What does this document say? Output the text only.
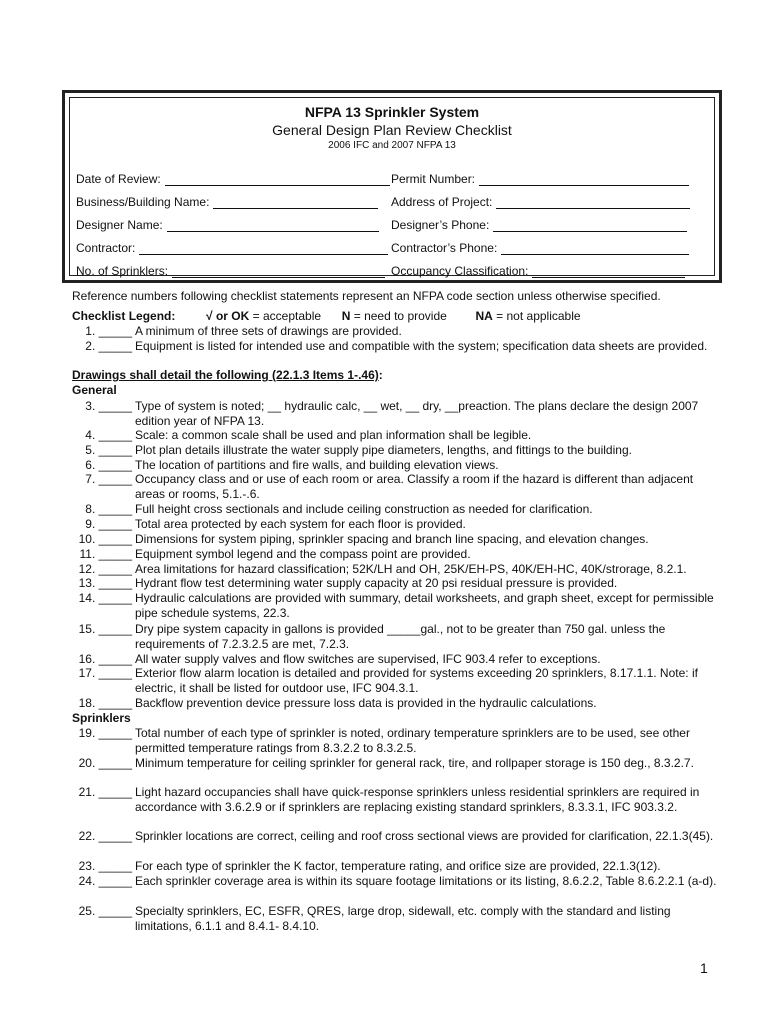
NFPA 13 Sprinkler System
General Design Plan Review Checklist
2006 IFC and 2007 NFPA 13
Date of Review:	Permit Number:
Business/Building Name:	Address of Project:
Designer Name:	Designer’s Phone:
Contractor:	Contractor’s Phone:
No. of Sprinklers:	Occupancy Classification:
Reference numbers following checklist statements represent an NFPA code section unless otherwise specified.
Checklist Legend:	√ or OK = acceptable N = need to provide NA = not applicable
1. _____ A minimum of three sets of drawings are provided.
2. _____ Equipment is listed for intended use and compatible with the system; specification data sheets are provided.
Drawings shall detail the following (22.1.3 Items 1-.46):
General
3. _____ Type of system is noted; __ hydraulic calc, __ wet, __ dry, __preaction. The plans declare the design 2007 edition year of NFPA 13.
4. _____ Scale: a common scale shall be used and plan information shall be legible.
5. _____ Plot plan details illustrate the water supply pipe diameters, lengths, and fittings to the building.
6. _____ The location of partitions and fire walls, and building elevation views.
7. _____ Occupancy class and or use of each room or area. Classify a room if the hazard is different than adjacent areas or rooms, 5.1.-.6.
8. _____ Full height cross sectionals and include ceiling construction as needed for clarification.
9. _____ Total area protected by each system for each floor is provided.
10. _____ Dimensions for system piping, sprinkler spacing and branch line spacing, and elevation changes.
11. _____ Equipment symbol legend and the compass point are provided.
12. _____ Area limitations for hazard classification; 52K/LH and OH, 25K/EH-PS, 40K/EH-HC, 40K/strorage, 8.2.1.
13. _____ Hydrant flow test determining water supply capacity at 20 psi residual pressure is provided.
14. _____ Hydraulic calculations are provided with summary, detail worksheets, and graph sheet, except for permissible pipe schedule systems, 22.3.
15. _____ Dry pipe system capacity in gallons is provided _____gal., not to be greater than 750 gal. unless the requirements of 7.2.3.2.5 are met, 7.2.3.
16. _____ All water supply valves and flow switches are supervised, IFC 903.4 refer to exceptions.
17. _____ Exterior flow alarm location is detailed and provided for systems exceeding 20 sprinklers, 8.17.1.1. Note: if electric, it shall be listed for outdoor use, IFC 904.3.1.
18. _____ Backflow prevention device pressure loss data is provided in the hydraulic calculations.
Sprinklers
19. _____ Total number of each type of sprinkler is noted, ordinary temperature sprinklers are to be used, see other permitted temperature ratings from 8.3.2.2 to 8.3.2.5.
20. _____ Minimum temperature for ceiling sprinkler for general rack, tire, and rollpaper storage is 150 deg., 8.3.2.7.
21. _____ Light hazard occupancies shall have quick-response sprinklers unless residential sprinklers are required in accordance with 3.6.2.9 or if sprinklers are replacing existing standard sprinklers, 8.3.3.1, IFC 903.3.2.
22. _____ Sprinkler locations are correct, ceiling and roof cross sectional views are provided for clarification, 22.1.3(45).
23. _____ For each type of sprinkler the K factor, temperature rating, and orifice size are provided, 22.1.3(12).
24. _____ Each sprinkler coverage area is within its square footage limitations or its listing, 8.6.2.2, Table 8.6.2.2.1 (a-d).
25. _____ Specialty sprinklers, EC, ESFR, QRES, large drop, sidewall, etc. comply with the standard and listing limitations, 6.1.1 and 8.4.1- 8.4.10.
1
